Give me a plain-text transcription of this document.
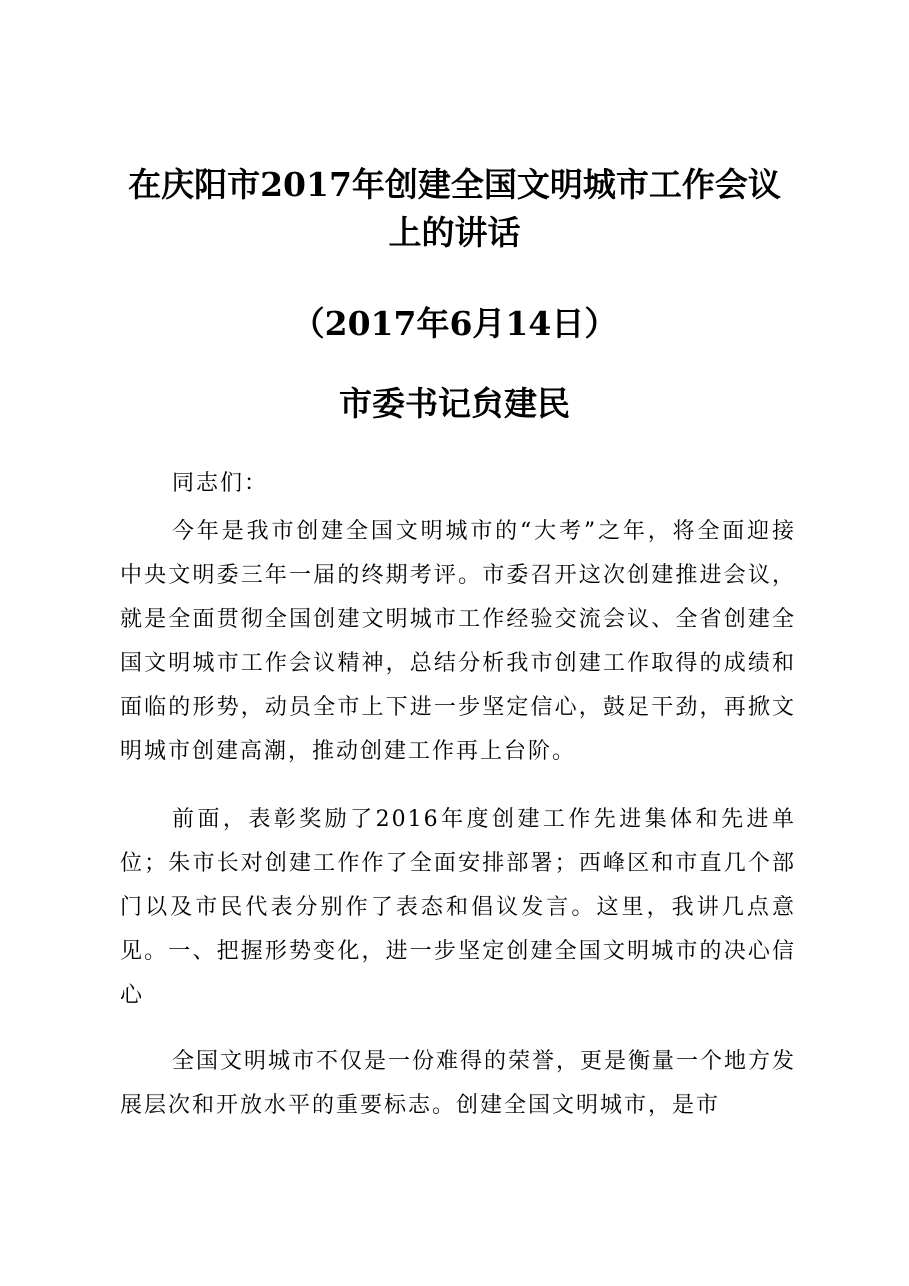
在庆阳市2017年创建全国文明城市工作会议
上的讲话
（2017年6月14日）
市委书记贠建民
同志们：
今年是我市创建全国文明城市的“大考”之年，将全面迎接中央文明委三年一届的终期考评。市委召开这次创建推进会议，就是全面贯彻全国创建文明城市工作经验交流会议、全省创建全国文明城市工作会议精神，总结分析我市创建工作取得的成绩和面临的形势，动员全市上下进一步坚定信心，鼓足干劲，再掀文明城市创建高潮，推动创建工作再上台阶。
前面，表彰奖励了2016年度创建工作先进集体和先进单位；朱市长对创建工作作了全面安排部署；西峰区和市直几个部门以及市民代表分别作了表态和倡议发言。这里，我讲几点意见。一、把握形势变化，进一步坚定创建全国文明城市的决心信心
全国文明城市不仅是一份难得的荣誉，更是衡量一个地方发展层次和开放水平的重要标志。创建全国文明城市，是市
